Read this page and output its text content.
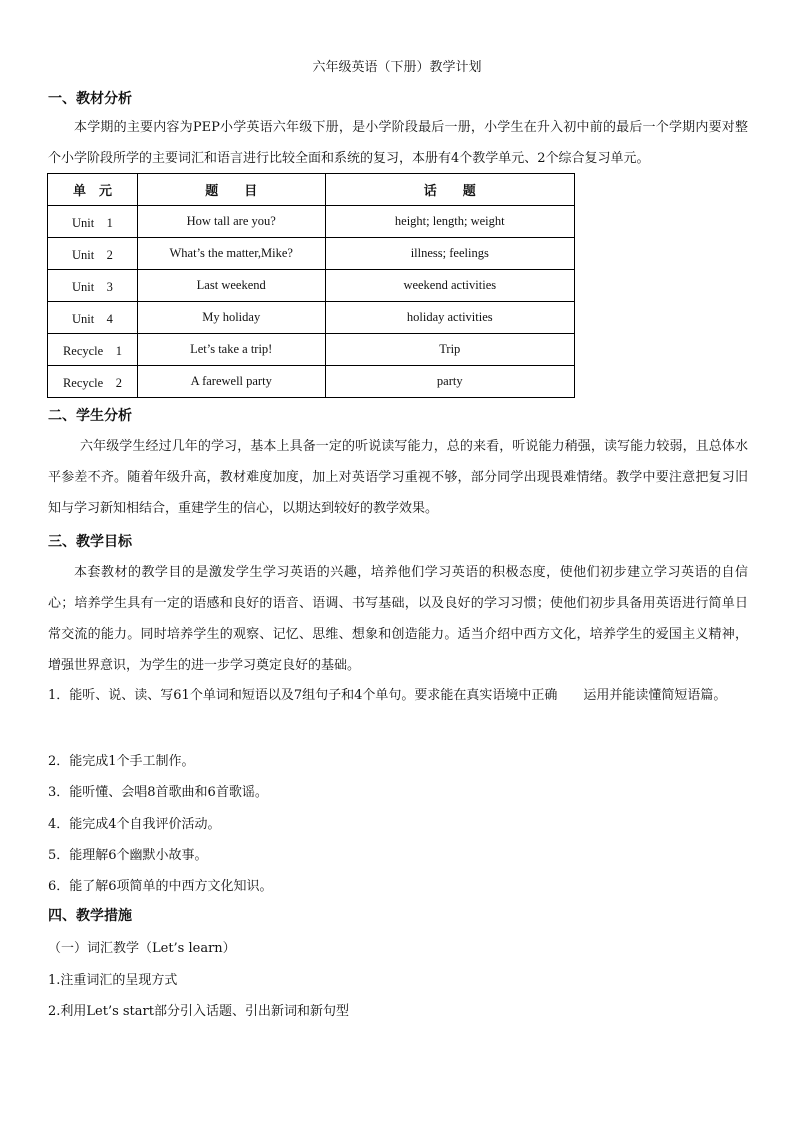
六年级英语（下册）教学计划
一、教材分析
本学期的主要内容为PEP小学英语六年级下册，是小学阶段最后一册，小学生在升入初中前的最后一个学期内要对整个小学阶段所学的主要词汇和语言进行比较全面和系统的复习，本册有4个教学单元、2个综合复习单元。
单　元	题　　目	话　　题
Unit　1	How tall are you?	height; length; weight
Unit　2	What’s the matter,Mike?	illness; feelings
Unit　3	Last weekend	weekend activities
Unit　4	My holiday	holiday activities
Recycle　1	Let’s take a trip!	Trip
Recycle　2	A farewell party	party
二、学生分析
六年级学生经过几年的学习，基本上具备一定的听说读写能力，总的来看，听说能力稍强，读写能力较弱，且总体水平参差不齐。随着年级升高，教材难度加度，加上对英语学习重视不够，部分同学出现畏难情绪。教学中要注意把复习旧知与学习新知相结合，重建学生的信心，以期达到较好的教学效果。
三、教学目标
本套教材的教学目的是激发学生学习英语的兴趣，培养他们学习英语的积极态度，使他们初步建立学习英语的自信心；培养学生具有一定的语感和良好的语音、语调、书写基础，以及良好的学习习惯；使他们初步具备用英语进行简单日常交流的能力。同时培养学生的观察、记忆、思维、想象和创造能力。适当介绍中西方文化，培养学生的爱国主义精神，增强世界意识，为学生的进一步学习奠定良好的基础。
1．能听、说、读、写61个单词和短语以及7组句子和4个单句。要求能在真实语境中正确　　运用并能读懂简短语篇。
2．能完成1个手工制作。
3．能听懂、会唱8首歌曲和6首歌谣。
4．能完成4个自我评价活动。
5．能理解6个幽默小故事。
6．能了解6项简单的中西方文化知识。
四、教学措施
（一）词汇教学（Let’s learn）
1.注重词汇的呈现方式
2.利用Let’s start部分引入话题、引出新词和新句型
